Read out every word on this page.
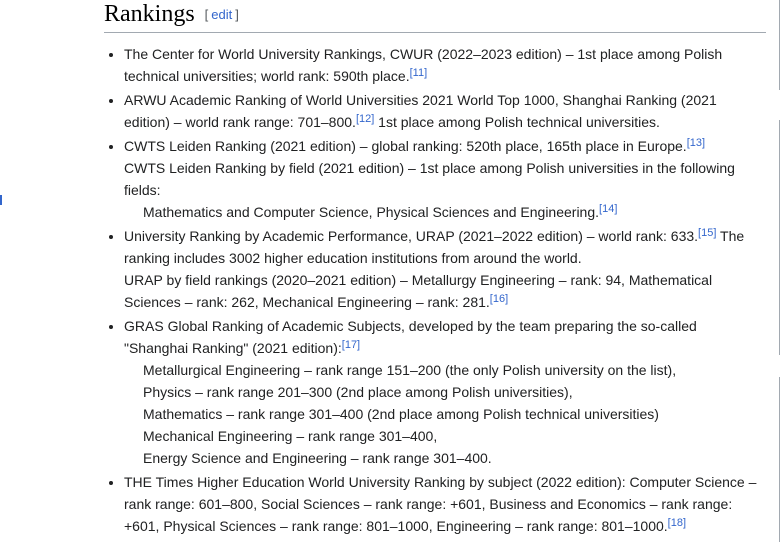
Rankings [ edit ]
• The Center for World University Rankings, CWUR (2022–2023 edition) – 1st place among Polish
technical universities; world rank: 590th place.[11]
• ARWU Academic Ranking of World Universities 2021 World Top 1000, Shanghai Ranking (2021
edition) – world rank range: 701–800.[12] 1st place among Polish technical universities.
• CWTS Leiden Ranking (2021 edition) – global ranking: 520th place, 165th place in Europe.[13]
CWTS Leiden Ranking by field (2021 edition) – 1st place among Polish universities in the following
fields:
Mathematics and Computer Science, Physical Sciences and Engineering.[14]
• University Ranking by Academic Performance, URAP (2021–2022 edition) – world rank: 633.[15] The
ranking includes 3002 higher education institutions from around the world.
URAP by field rankings (2020–2021 edition) – Metallurgy Engineering – rank: 94, Mathematical
Sciences – rank: 262, Mechanical Engineering – rank: 281.[16]
• GRAS Global Ranking of Academic Subjects, developed by the team preparing the so-called
"Shanghai Ranking" (2021 edition):[17]
Metallurgical Engineering – rank range 151–200 (the only Polish university on the list),
Physics – rank range 201–300 (2nd place among Polish universities),
Mathematics – rank range 301–400 (2nd place among Polish technical universities)
Mechanical Engineering – rank range 301–400,
Energy Science and Engineering – rank range 301–400.
• THE Times Higher Education World University Ranking by subject (2022 edition): Computer Science –
rank range: 601–800, Social Sciences – rank range: +601, Business and Economics – rank range:
+601, Physical Sciences – rank range: 801–1000, Engineering – rank range: 801–1000.[18]
